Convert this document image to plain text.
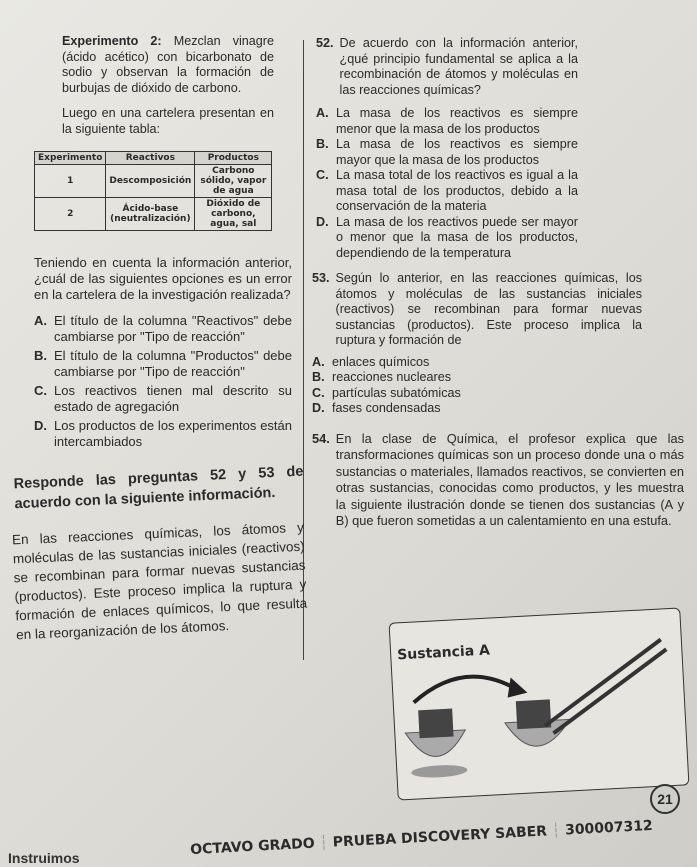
Experimento 2: Mezclan vinagre (ácido acético) con bicarbonato de sodio y observan la formación de burbujas de dióxido de carbono.
Luego en una cartelera presentan en la siguiente tabla:
Experimento	Reactivos	Productos
1	Descomposición	Carbono sólido, vapor de agua
2	Ácido-base (neutralización)	Dióxido de carbono, agua, sal
Teniendo en cuenta la información anterior, ¿cuál de las siguientes opciones es un error en la cartelera de la investigación realizada?
A. El título de la columna "Reactivos" debe cambiarse por "Tipo de reacción"
B. El título de la columna "Productos" debe cambiarse por "Tipo de reacción"
C. Los reactivos tienen mal descrito su estado de agregación
D. Los productos de los experimentos están intercambiados
Responde las preguntas 52 y 53 de acuerdo con la siguiente información.
En las reacciones químicas, los átomos y moléculas de las sustancias iniciales (reactivos) se recombinan para formar nuevas sustancias (productos). Este proceso implica la ruptura y formación de enlaces químicos, lo que resulta en la reorganización de los átomos.
52. De acuerdo con la información anterior, ¿qué principio fundamental se aplica a la recombinación de átomos y moléculas en las reacciones químicas?
A. La masa de los reactivos es siempre menor que la masa de los productos
B. La masa de los reactivos es siempre mayor que la masa de los productos
C. La masa total de los reactivos es igual a la masa total de los productos, debido a la conservación de la materia
D. La masa de los reactivos puede ser mayor o menor que la masa de los productos, dependiendo de la temperatura
53. Según lo anterior, en las reacciones químicas, los átomos y moléculas de las sustancias iniciales (reactivos) se recombinan para formar nuevas sustancias (productos). Este proceso implica la ruptura y formación de
A. enlaces químicos
B. reacciones nucleares
C. partículas subatómicas
D. fases condensadas
54. En la clase de Química, el profesor explica que las transformaciones químicas son un proceso donde una o más sustancias o materiales, llamados reactivos, se convierten en otras sustancias, conocidas como productos, y les muestra la siguiente ilustración donde se tienen dos sustancias (A y B) que fueron sometidas a un calentamiento en una estufa.
Sustancia A
OCTAVO GRADO ┆ PRUEBA DISCOVERY SABER ┆ 300007312
21
Instruimos
